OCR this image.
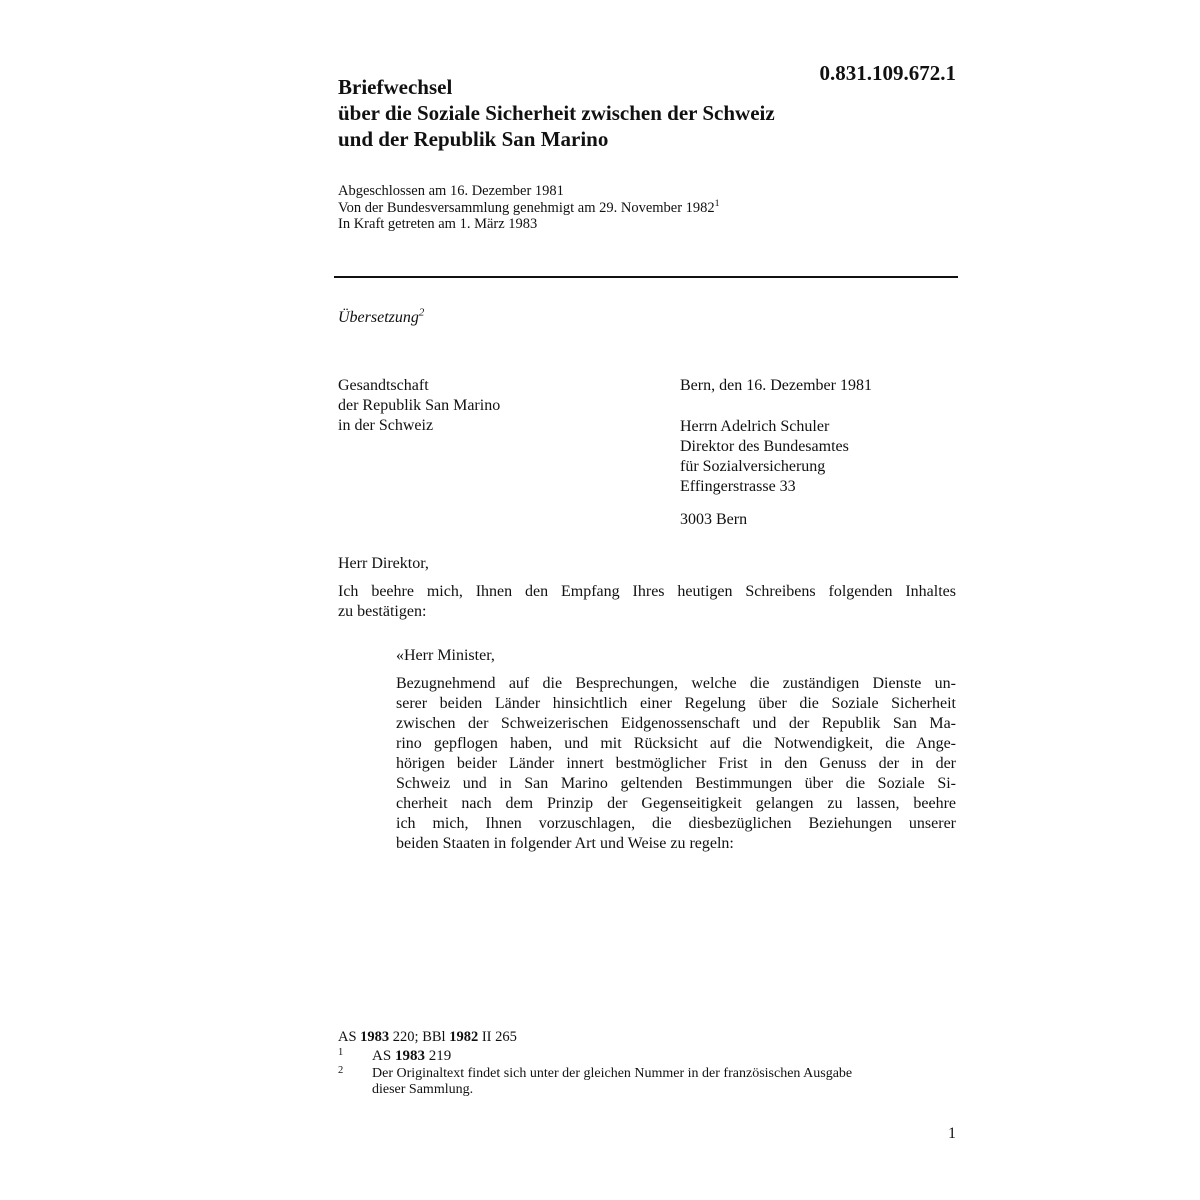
0.831.109.672.1
Briefwechsel
über die Soziale Sicherheit zwischen der Schweiz
und der Republik San Marino
Abgeschlossen am 16. Dezember 1981
Von der Bundesversammlung genehmigt am 29. November 1982$^1$
In Kraft getreten am 1. März 1983
Übersetzung$^2$
Gesandtschaft
der Republik San Marino
in der Schweiz
Bern, den 16. Dezember 1981
Herrn Adelrich Schuler
Direktor des Bundesamtes
für Sozialversicherung
Effingerstrasse 33
3003 Bern
Herr Direktor,
Ich beehre mich, Ihnen den Empfang Ihres heutigen Schreibens folgenden Inhaltes
zu bestätigen:
«Herr Minister,
Bezugnehmend auf die Besprechungen, welche die zuständigen Dienste un-
serer beiden Länder hinsichtlich einer Regelung über die Soziale Sicherheit
zwischen der Schweizerischen Eidgenossenschaft und der Republik San Ma-
rino gepflogen haben, und mit Rücksicht auf die Notwendigkeit, die Ange-
hörigen beider Länder innert bestmöglicher Frist in den Genuss der in der
Schweiz und in San Marino geltenden Bestimmungen über die Soziale Si-
cherheit nach dem Prinzip der Gegenseitigkeit gelangen zu lassen, beehre
ich mich, Ihnen vorzuschlagen, die diesbezüglichen Beziehungen unserer
beiden Staaten in folgender Art und Weise zu regeln:
AS 1983 220; BBl 1982 II 265
1 AS 1983 219
2 Der Originaltext findet sich unter der gleichen Nummer in der französischen Ausgabe
dieser Sammlung.
1
